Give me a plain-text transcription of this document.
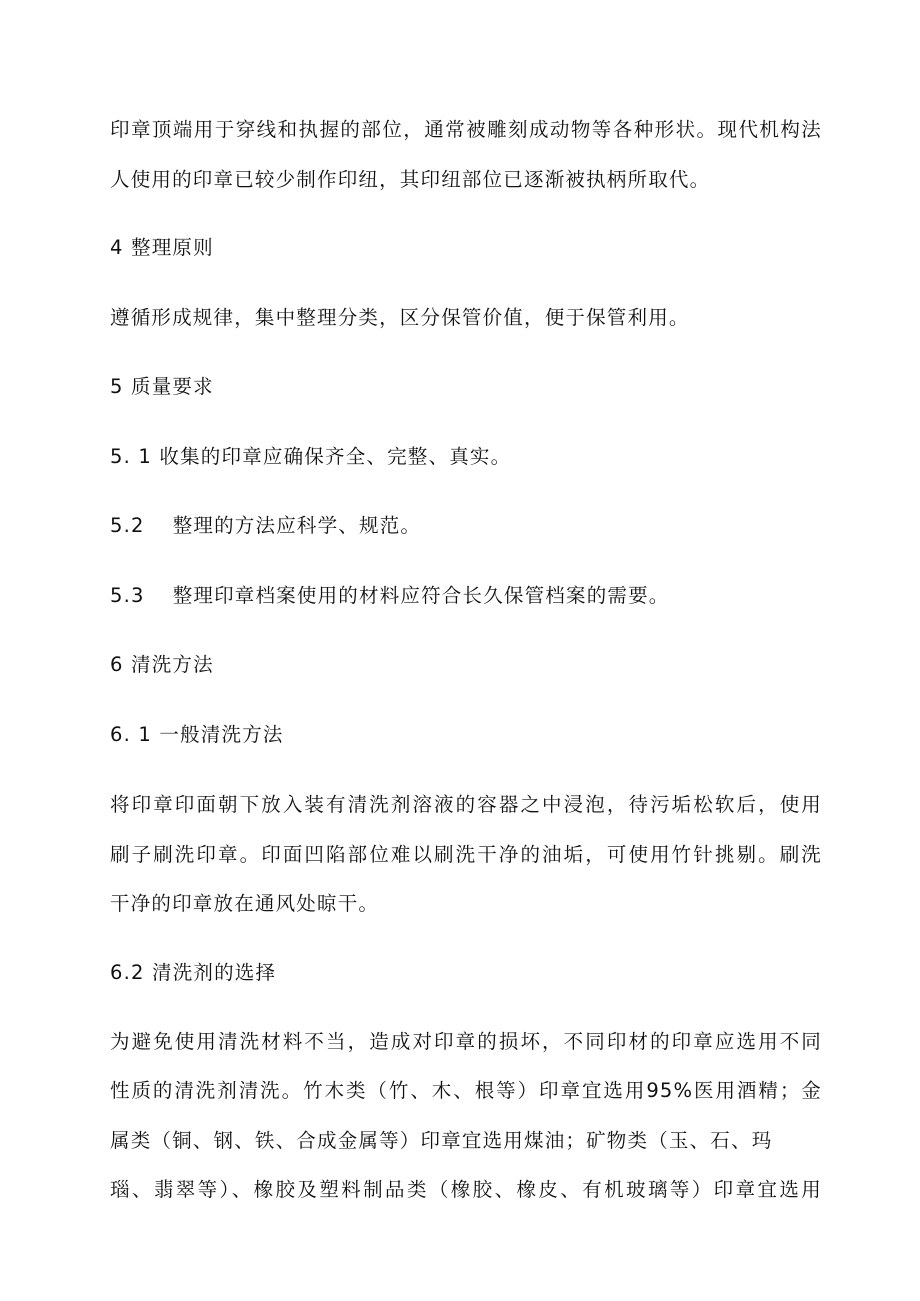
印章顶端用于穿线和执握的部位，通常被雕刻成动物等各种形状。现代机构法
人使用的印章已较少制作印纽，其印纽部位已逐渐被执柄所取代。
4 整理原则
遵循形成规律，集中整理分类，区分保管价值，便于保管利用。
5 质量要求
5. 1 收集的印章应确保齐全、完整、真实。
5.2　 整理的方法应科学、规范。
5.3　 整理印章档案使用的材料应符合长久保管档案的需要。
6 清洗方法
6. 1 一般清洗方法
将印章印面朝下放入装有清洗剂溶液的容器之中浸泡，待污垢松软后，使用
刷子刷洗印章。印面凹陷部位难以刷洗干净的油垢，可使用竹针挑剔。刷洗
干净的印章放在通风处晾干。
6.2 清洗剂的选择
为避免使用清洗材料不当，造成对印章的损坏，不同印材的印章应选用不同
性质的清洗剂清洗。竹木类（竹、木、根等）印章宜选用95%医用酒精；金
属类（铜、钢、铁、合成金属等）印章宜选用煤油；矿物类（玉、石、玛
瑙、翡翠等）、橡胶及塑料制品类（橡胶、橡皮、有机玻璃等）印章宜选用
